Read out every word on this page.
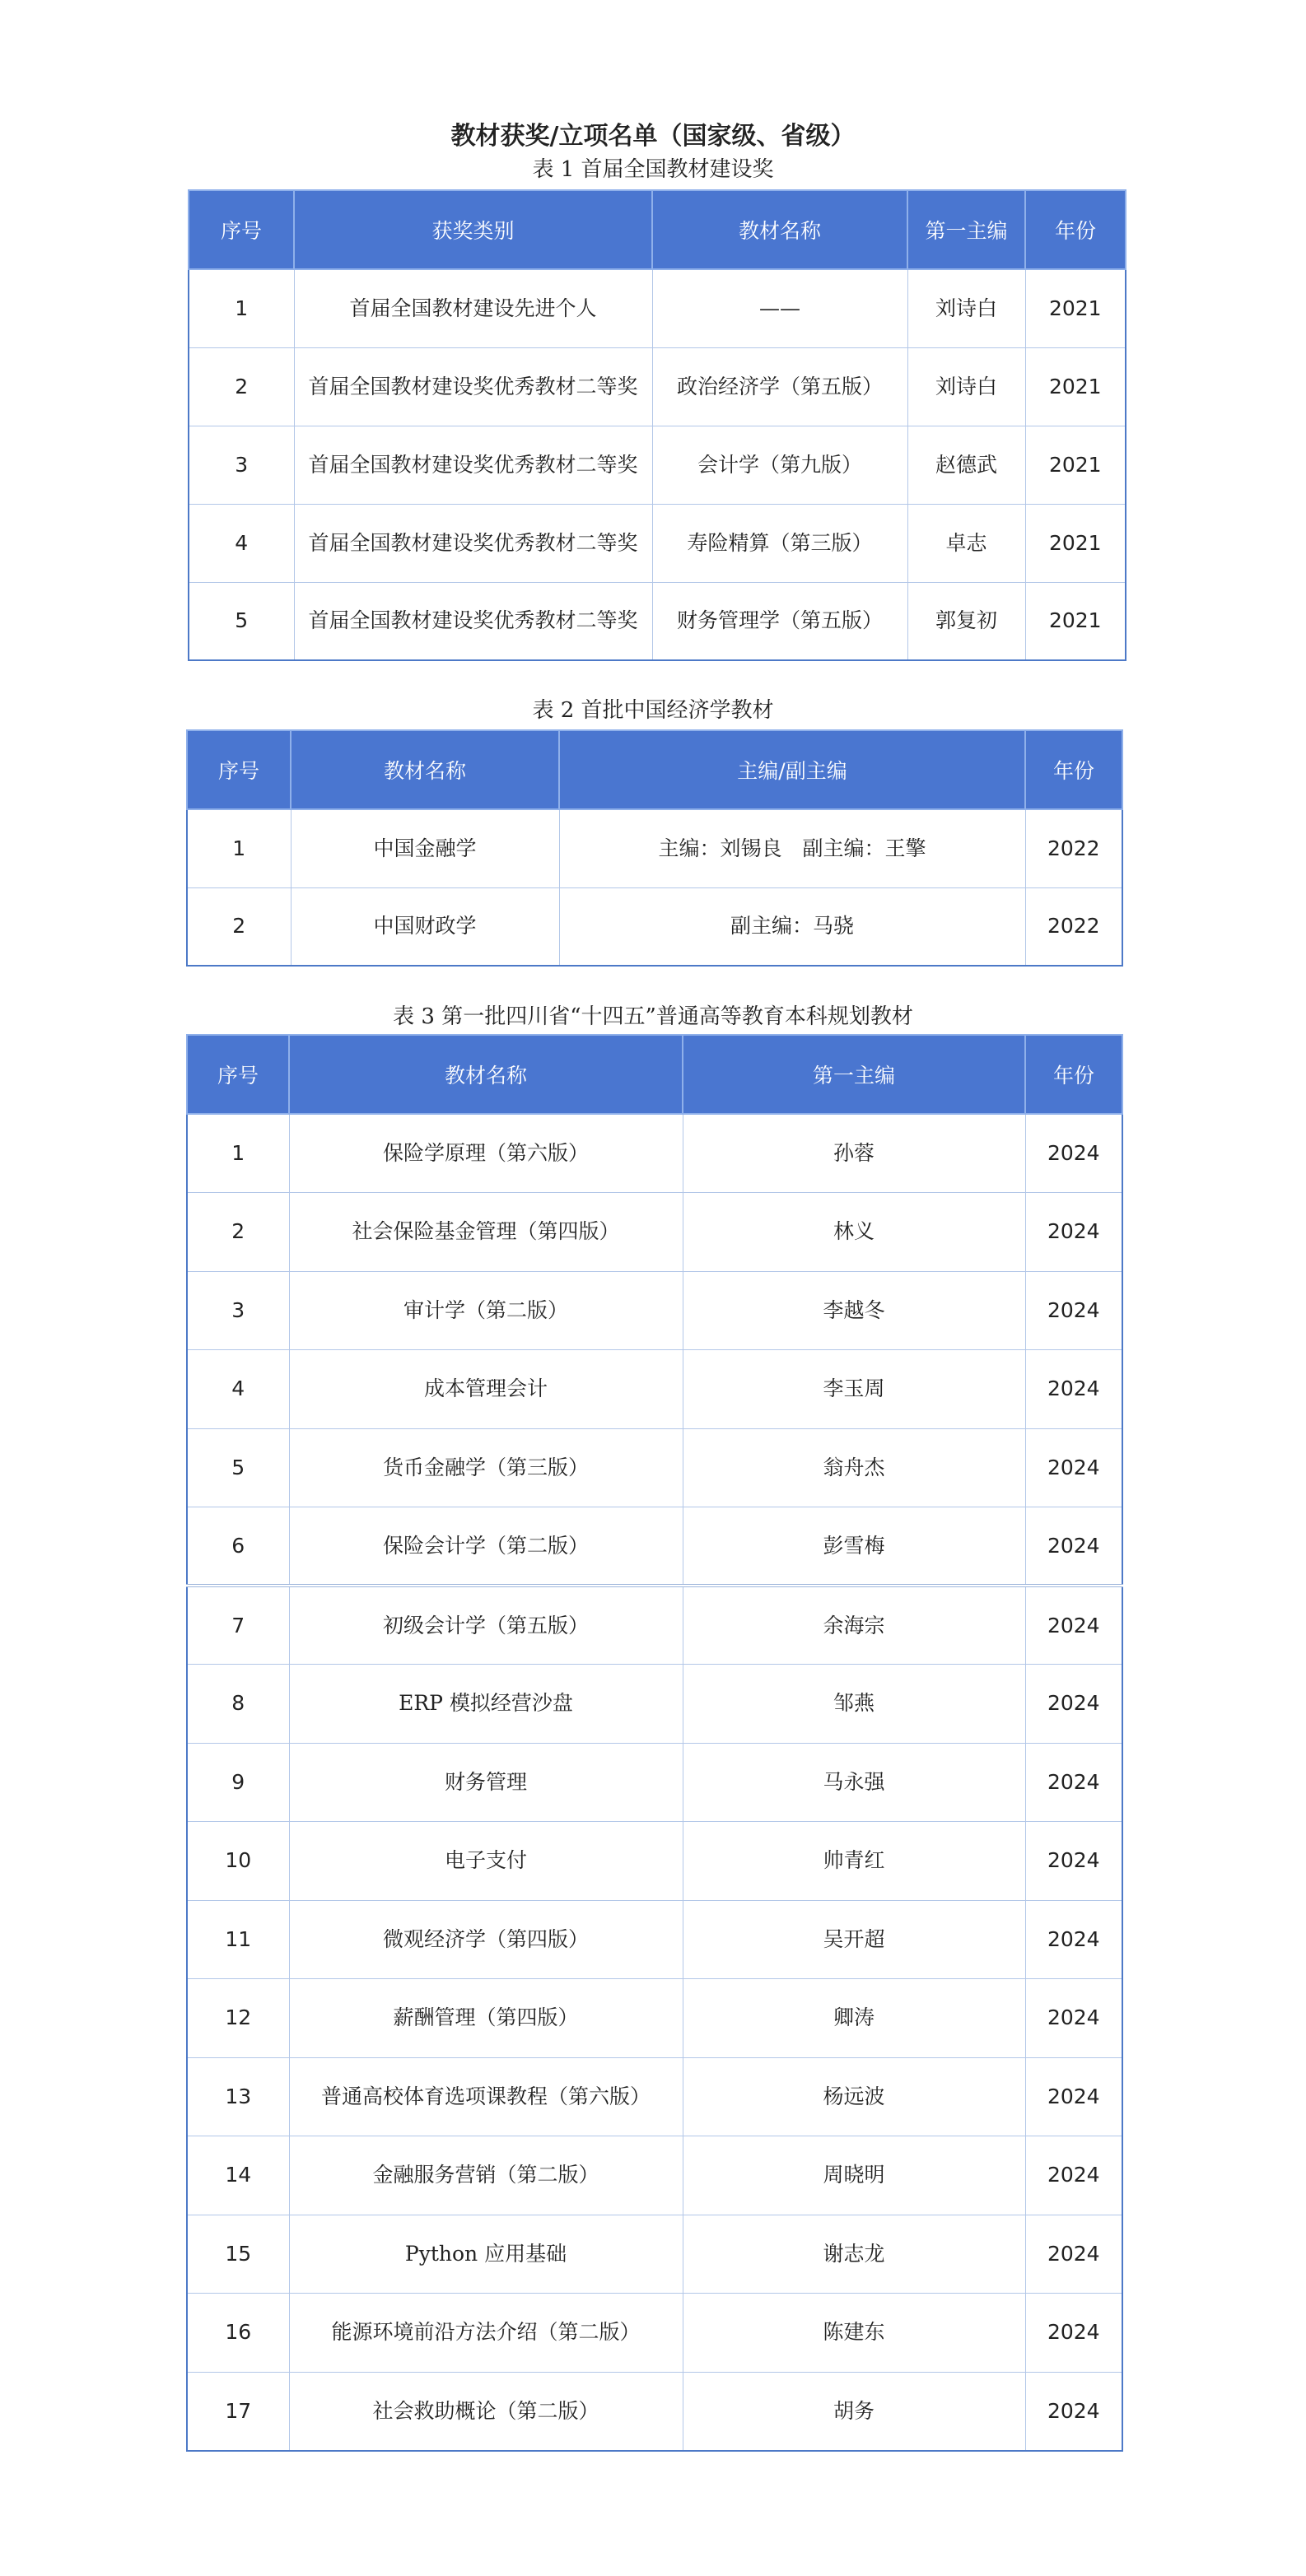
教材获奖/立项名单（国家级、省级）
表 1 首届全国教材建设奖
序号	获奖类别	教材名称	第一主编	年份
1	首届全国教材建设先进个人	——	刘诗白	2021
2	首届全国教材建设奖优秀教材二等奖	政治经济学（第五版）	刘诗白	2021
3	首届全国教材建设奖优秀教材二等奖	会计学（第九版）	赵德武	2021
4	首届全国教材建设奖优秀教材二等奖	寿险精算（第三版）	卓志	2021
5	首届全国教材建设奖优秀教材二等奖	财务管理学（第五版）	郭复初	2021
表 2 首批中国经济学教材
序号	教材名称	主编/副主编	年份
1	中国金融学	主编：刘锡良　副主编：王擎	2022
2	中国财政学	副主编：马骁	2022
表 3 第一批四川省“十四五”普通高等教育本科规划教材
序号	教材名称	第一主编	年份
1	保险学原理（第六版）	孙蓉	2024
2	社会保险基金管理（第四版）	林义	2024
3	审计学（第二版）	李越冬	2024
4	成本管理会计	李玉周	2024
5	货币金融学（第三版）	翁舟杰	2024
6	保险会计学（第二版）	彭雪梅	2024
7	初级会计学（第五版）	余海宗	2024
8	ERP 模拟经营沙盘	邹燕	2024
9	财务管理	马永强	2024
10	电子支付	帅青红	2024
11	微观经济学（第四版）	吴开超	2024
12	薪酬管理（第四版）	卿涛	2024
13	普通高校体育选项课教程（第六版）	杨远波	2024
14	金融服务营销（第二版）	周晓明	2024
15	Python 应用基础	谢志龙	2024
16	能源环境前沿方法介绍（第二版）	陈建东	2024
17	社会救助概论（第二版）	胡务	2024
